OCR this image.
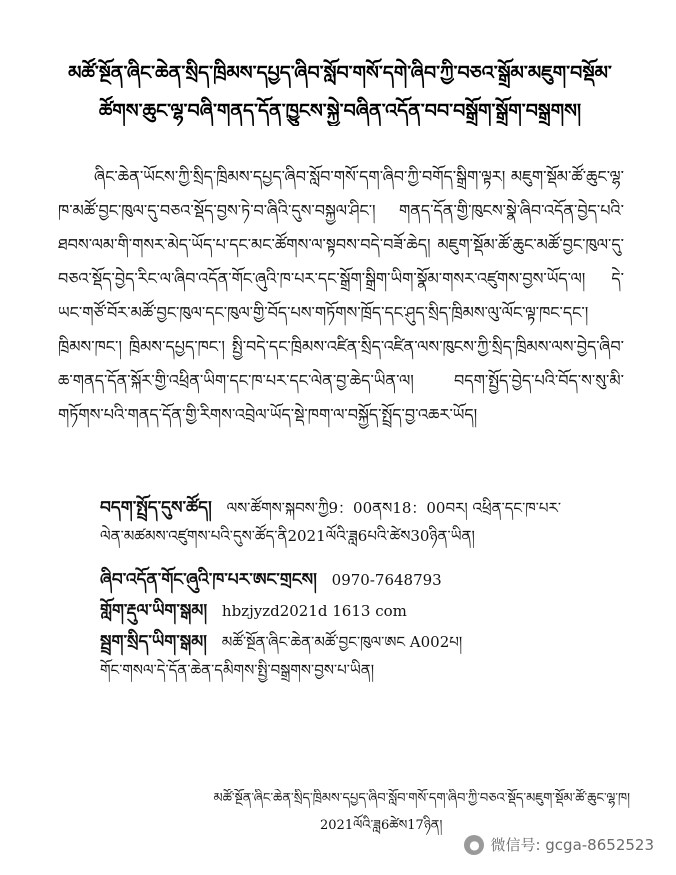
མཚོ་སྔོན་ཞིང་ཆེན་སྲིད་ཁྲིམས་དཔྱད་ཞིབ་སློབ་གསོ་དགེ་ཞིབ་ཀྱི་བཅའ་སྒྲོམ་མཇུག་བསྡོམ་
ཚོགས་ཆུང་ལྷ་བཞི་གནད་དོན་ཁྱུངས་སྐྱེ་བཞིན་འདོན་བབ་བསྒྲོག་སྒྲོག་བསྒྲགས།
ཞིང་ཆེན་ཡོངས་ཀྱི་སྲིད་ཁྲིམས་དཔྱད་ཞིབ་སློབ་གསོ་དག་ཞིབ་ཀྱི་བགོད་སྒྲིག་ལྟར། མཇུག་སྡོམ་ཚོ་ཆུང་ལྷ་ཁ་མཚོ་བྱང་ཁུལ་དུ་བཅའ་སྡོད་བྱས་ཏེ་བ་ཞིའི་དུས་བསྐྱལ་ཤིང་། གནད་དོན་གྱི་ཁུངས་སྣེ་ཞིབ་འདོན་བྱེད་པའི་ཐབས་ལམ་གི་གསར་མེད་ཡོད་པ་དང་མང་ཚོགས་ལ་སྟབས་བདེ་བཟོ་ཆེད། མཇུག་སྡོམ་ཚོ་ཆུང་མཚོ་བྱང་ཁུལ་དུ་བཅའ་སྡོད་བྱེད་རིང་ལ་ཞིབ་འདོན་གོང་ཞུའི་ཁ་པར་དང་སྒྲོག་སྒྲིག་ཡིག་སྣོམ་གསར་འཛུགས་བྱས་ཡོད་ལ། དེ་ཡང་གཙོ་བོར་མཚོ་བྱང་ཁུལ་དང་ཁུལ་གྱི་བོད་པས་གཏོགས་ཁྲོད་དང་ཤུད་སྲིད་ཁྲིམས་ལུ་ལོང་ལྟ་ཁང་དང་། ཁྲིམས་ཁང་། ཁྲིམས་དཔྱད་ཁང་། སྤྱི་བདེ་དང་ཁྲིམས་འཛིན་སྲིད་འཛིན་ལས་ཁུངས་ཀྱི་སྲིད་ཁྲིམས་ལས་བྱེད་ཞིབ་ཆ་གནད་དོན་སྐོར་གྱི་འཕྲིན་ཡིག་དང་ཁ་པར་དང་ལེན་བྱ་ཆེད་ཡིན་ལ། བདག་སྤྱོད་བྱེད་པའི་བོད་ས་སུ་མི་གཏོགས་པའི་གནད་དོན་གྱི་རིགས་འབྲེལ་ཡོད་སྡེ་ཁག་ལ་བསྐྱོད་སྤྲོད་བྱ་འཆར་ཡོད།
བདག་སྤྲོད་དུས་ཚོད། ལས་ཚོགས་སྐབས་ཀྱི9：00ནས18：00བར། འཕྲིན་དང་ཁ་པར་
ལེན་མཚམས་འཛུགས་པའི་དུས་ཚོད་ནི2021ལོའི་ཟླ6པའི་ཚེས30ཉིན་ཡིན།
ཞིབ་འདོན་གོང་ཞུའི་ཁ་པར་ཨང་གྲངས། 0970-7648793
གློག་རྡུལ་ཡིག་སྒམ། hbzjyzd2021d 1613 com
སྦྲག་སྲིད་ཡིག་སྒམ། མཚོ་སྔོན་ཞིང་ཆེན་མཚོ་བྱང་ཁུལ་ཨང A002པ།
གོང་གསལ་དེ་དོན་ཆེན་དམིགས་སྤྱི་བསྒྲགས་བྱས་པ་ཡིན།
མཚོ་སྔོན་ཞིང་ཆེན་སྲིད་ཁྲིམས་དཔྱད་ཞིབ་སློབ་གསོ་དག་ཞིབ་ཀྱི་བཅའ་སྡོད་མཇུག་སྡོམ་ཚོ་ཆུང་ལྷ་ཁ།
2021ལོའི་ཟླ6ཚེས17ཉིན།
● 微信号: gcga-8652523
